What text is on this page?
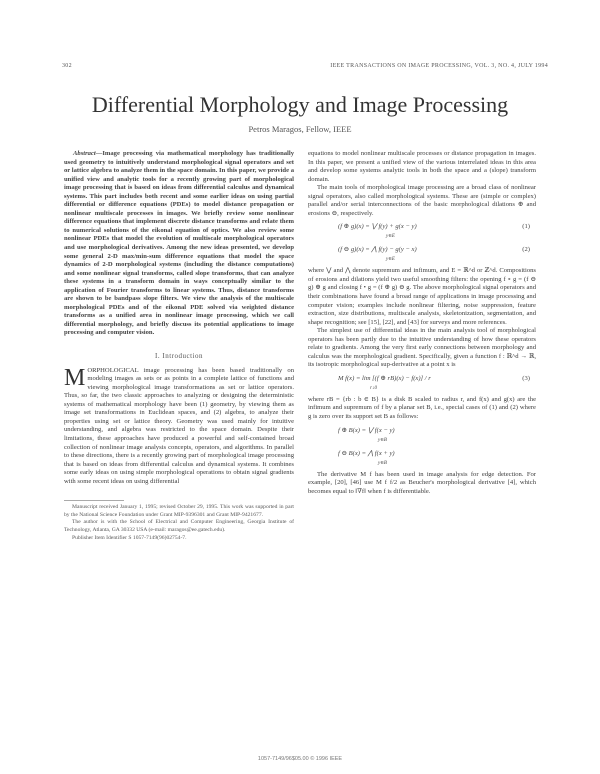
302	IEEE TRANSACTIONS ON IMAGE PROCESSING, VOL. 3, NO. 4, JULY 1994
Differential Morphology and Image Processing
Petros Maragos, Fellow, IEEE

Abstract—Image processing via mathematical morphology has traditionally used geometry to intuitively understand morphological signal operators and set or lattice algebra to analyze them in the space domain. In this paper, we provide a unified view and analytic tools for a recently growing part of morphological image processing that is based on ideas from differential calculus and dynamical systems. This part includes both recent and some earlier ideas on using partial differential or difference equations (PDEs) to model distance propagation or nonlinear multiscale processes in images. We briefly review some nonlinear difference equations that implement discrete distance transforms and relate them to numerical solutions of the eikonal equation of optics. We also review some nonlinear PDEs that model the evolution of multiscale morphological operators and use morphological derivatives. Among the new ideas presented, we develop some general 2-D max/min-sum difference equations that model the space dynamics of 2-D morphological systems (including the distance computations) and some nonlinear signal transforms, called slope transforms, that can analyze these systems in a transform domain in ways conceptually similar to the application of Fourier transforms to linear systems. Thus, distance transforms are shown to be bandpass slope filters. We view the analysis of the multiscale morphological PDEs and of the eikonal PDE solved via weighted distance transforms as a unified area in nonlinear image processing, which we call differential morphology, and briefly discuss its potential applications to image processing and computer vision.

I. Introduction

MORPHOLOGICAL image processing has been based traditionally on modeling images as sets or as points in a complete lattice of functions and viewing morphological image transformations as set or lattice operators. Thus, so far, the two classic approaches to analyzing or designing the deterministic systems of mathematical morphology have been (1) geometry, by viewing them as image set transformations in Euclidean spaces, and (2) algebra, to analyze their properties using set or lattice theory. Geometry was used mainly for intuitive understanding, and algebra was restricted to the space domain. Despite their limitations, these approaches have produced a powerful and self-contained broad collection of nonlinear image analysis concepts, operators, and algorithms. In parallel to these directions, there is a recently growing part of morphological image processing that is based on ideas from differential calculus and dynamical systems. It combines some early ideas on using simple morphological operations to obtain signal gradients with some recent ideas on using differential

Manuscript received January 1, 1995; revised October 29, 1995. This work was supported in part by the National Science Foundation under Grant MIP-9396301 and Grant MIP-9421677.

The author is with the School of Electrical and Computer Engineering, Georgia Institute of Technology, Atlanta, GA 30332 USA (e-mail: maragos@ee.gatech.edu).

Publisher Item Identifier S 1057-7149(96)02754-7.

equations to model nonlinear multiscale processes or distance propagation in images. In this paper, we present a unified view of the various interrelated ideas in this area and develop some systems analytic tools in both the space and a (slope) transform domain.

The main tools of morphological image processing are a broad class of nonlinear signal operators, also called morphological systems. These are (simple or complex) parallel and/or serial interconnections of the basic morphological dilations ⊕ and erosions ⊖, respectively.

(f ⊕ g)(x) = ⋁ f(y) + g(x − y)	(1)
y∈E
(f ⊖ g)(x) = ⋀ f(y) − g(y − x)	(2)
y∈E

where ⋁ and ⋀ denote supremum and infimum, and E = ℝ^d or ℤ^d. Compositions of erosions and dilations yield two useful smoothing filters: the opening f ∘ g = (f ⊖ g) ⊕ g and closing f • g = (f ⊕ g) ⊖ g. The above morphological signal operators and their combinations have found a broad range of applications in image processing and computer vision; examples include nonlinear filtering, noise suppression, feature extraction, size distributions, multiscale analysis, skeletonization, segmentation, and shape recognition; see [15], [22], and [43] for surveys and more references.

The simplest use of differential ideas in the main analysis tool of morphological operators has been partly due to the intuitive understanding of how these operators relate to gradients. Among the very first early connections between morphology and calculus was the morphological gradient. Specifically, given a function f : ℝ^d → ℝ, its isotropic morphological sup-derivative at a point x is

M f(x) = lim [(f ⊕ rB)(x) − f(x)] / r	(3)
r↓0

where rB = {rb : b ∈ B} is a disk B scaled to radius r, and f(x) and g(x) are the infimum and supremum of f by a planar set B, i.e., special cases of (1) and (2) where g is zero over its support set B as follows:

f ⊕ B(x) = ⋁ f(x − y)
y∈B
f ⊖ B(x) = ⋀ f(x + y)
y∈B

The derivative M f has been used in image analysis for edge detection. For example, [20], [46] use M f f/2 as Beucher's morphological derivative [4], which becomes equal to ‖∇f‖ when f is differentiable.

1057-7149/96$05.00 © 1996 IEEE
